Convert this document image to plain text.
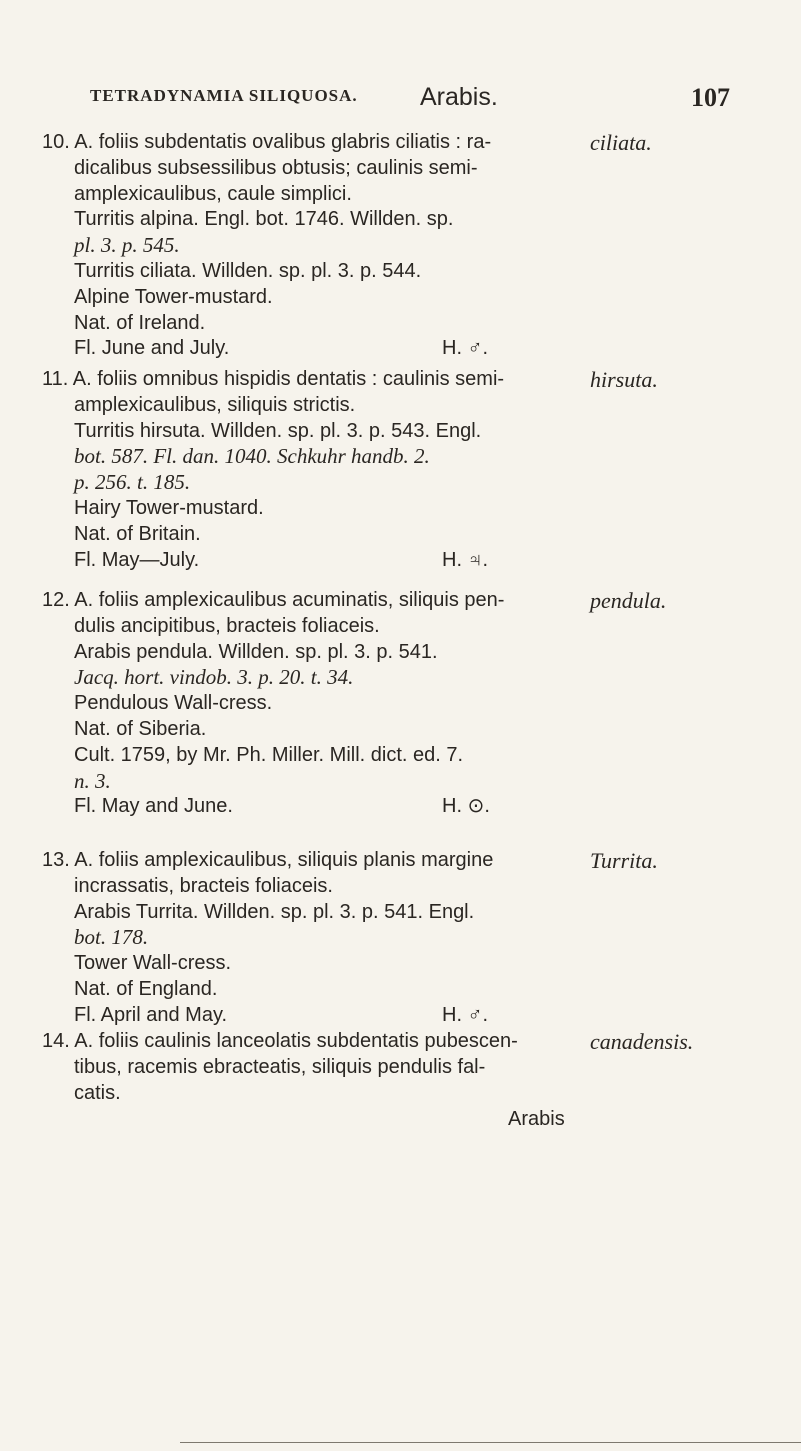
TETRADYNAMIA SILIQUOSA. Arabis.	107
10. A. foliis subdentatis ovalibus glabris ciliatis : ra-
dicalibus subsessilibus obtusis; caulinis semi-
amplexicaulibus, caule simplici.
Turritis alpina. Engl. bot. 1746. Willden. sp.
pl. 3. p. 545.
Turritis ciliata. Willden. sp. pl. 3. p. 544.
Alpine Tower-mustard.
Nat. of Ireland.
Fl. June and July.	H. ♂.
ciliata.
11. A. foliis omnibus hispidis dentatis : caulinis semi-
amplexicaulibus, siliquis strictis.
Turritis hirsuta. Willden. sp. pl. 3. p. 543. Engl.
bot. 587. Fl. dan. 1040. Schkuhr handb. 2.
p. 256. t. 185.
Hairy Tower-mustard.
Nat. of Britain.
Fl. May—July.	H. ♃.
hirsuta.
12. A. foliis amplexicaulibus acuminatis, siliquis pen-
dulis ancipitibus, bracteis foliaceis.
Arabis pendula. Willden. sp. pl. 3. p. 541.
Jacq. hort. vindob. 3. p. 20. t. 34.
Pendulous Wall-cress.
Nat. of Siberia.
Cult. 1759, by Mr. Ph. Miller. Mill. dict. ed. 7.
n. 3.
Fl. May and June.	H. ⊙.
pendula.
13. A. foliis amplexicaulibus, siliquis planis margine
incrassatis, bracteis foliaceis.
Arabis Turrita. Willden. sp. pl. 3. p. 541. Engl.
bot. 178.
Tower Wall-cress.
Nat. of England.
Fl. April and May.	H. ♂.
Turrita.
14. A. foliis caulinis lanceolatis subdentatis pubescen-
tibus, racemis ebracteatis, siliquis pendulis fal-
catis.
canadensis.
Arabis
